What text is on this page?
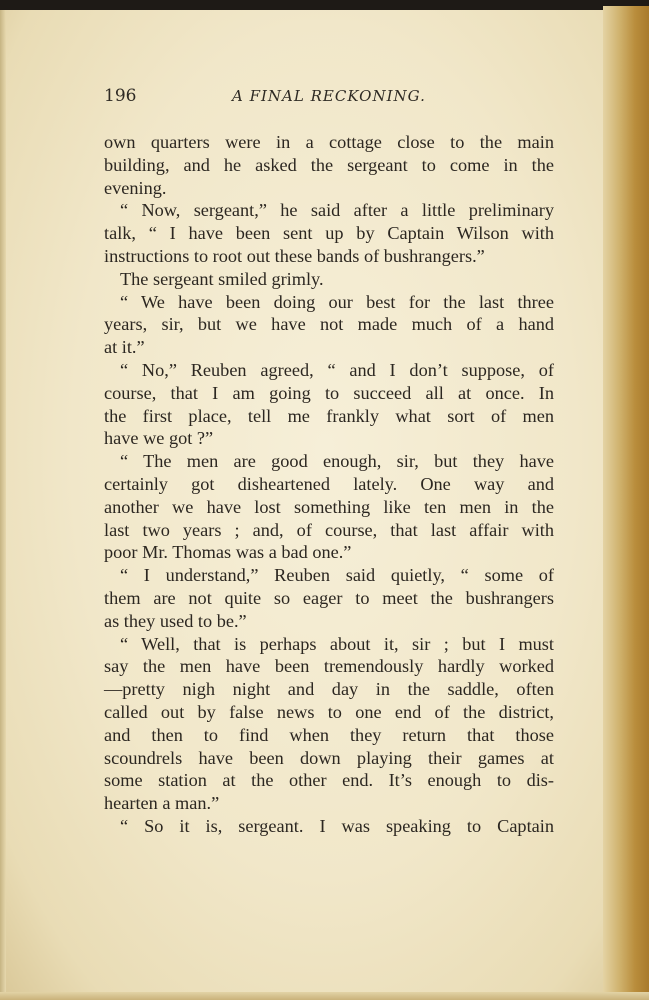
196	A FINAL RECKONING.
own quarters were in a cottage close to the main
building, and he asked the sergeant to come in the
evening.
“ Now, sergeant,” he said after a little preliminary
talk, “ I have been sent up by Captain Wilson with
instructions to root out these bands of bushrangers.”
The sergeant smiled grimly.
“ We have been doing our best for the last three
years, sir, but we have not made much of a hand
at it.”
“ No,” Reuben agreed, “ and I don’t suppose, of
course, that I am going to succeed all at once. In
the first place, tell me frankly what sort of men
have we got ?”
“ The men are good enough, sir, but they have
certainly got disheartened lately. One way and
another we have lost something like ten men in the
last two years ; and, of course, that last affair with
poor Mr. Thomas was a bad one.”
“ I understand,” Reuben said quietly, “ some of
them are not quite so eager to meet the bushrangers
as they used to be.”
“ Well, that is perhaps about it, sir ; but I must
say the men have been tremendously hardly worked
—pretty nigh night and day in the saddle, often
called out by false news to one end of the district,
and then to find when they return that those
scoundrels have been down playing their games at
some station at the other end. It’s enough to dis-
hearten a man.”
“ So it is, sergeant. I was speaking to Captain
